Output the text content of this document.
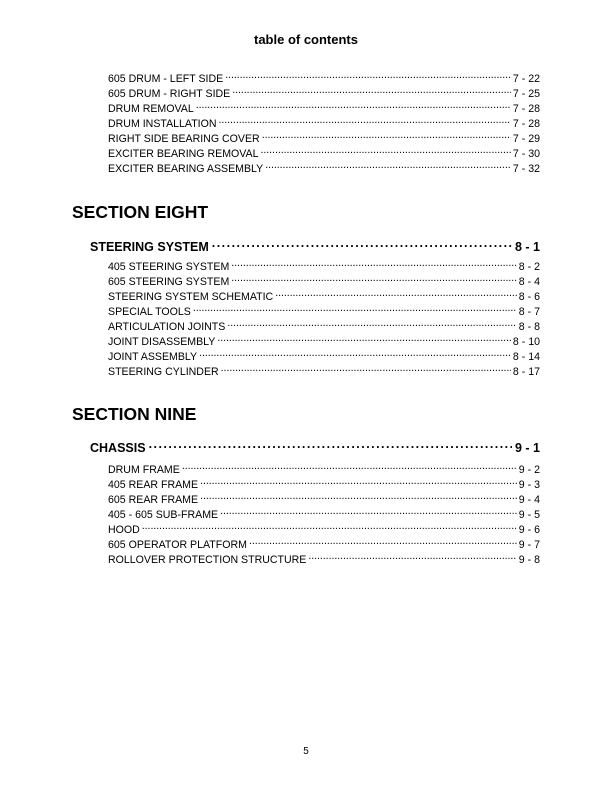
table of contents
605 DRUM - LEFT SIDE . . .	7 - 22
605 DRUM - RIGHT SIDE . . .	7 - 25
DRUM REMOVAL . . .	7 - 28
DRUM INSTALLATION . . .	7 - 28
RIGHT SIDE BEARING COVER . . .	7 - 29
EXCITER BEARING REMOVAL . . .	7 - 30
EXCITER BEARING ASSEMBLY . . .	7 - 32
SECTION EIGHT
STEERING SYSTEM . . .	8 - 1
405 STEERING SYSTEM . . .	8 - 2
605 STEERING SYSTEM . . .	8 - 4
STEERING SYSTEM SCHEMATIC . . .	8 - 6
SPECIAL TOOLS . . .	8 - 7
ARTICULATION JOINTS . . .	8 - 8
JOINT DISASSEMBLY . . .	8 - 10
JOINT ASSEMBLY . . .	8 - 14
STEERING CYLINDER . . .	8 - 17
SECTION NINE
CHASSIS . . .	9 - 1
DRUM FRAME . . .	9 - 2
405 REAR FRAME . . .	9 - 3
605 REAR FRAME . . .	9 - 4
405 - 605 SUB-FRAME . . .	9 - 5
HOOD . . .	9 - 6
605 OPERATOR PLATFORM . . .	9 - 7
ROLLOVER PROTECTION STRUCTURE . . .	9 - 8
5
